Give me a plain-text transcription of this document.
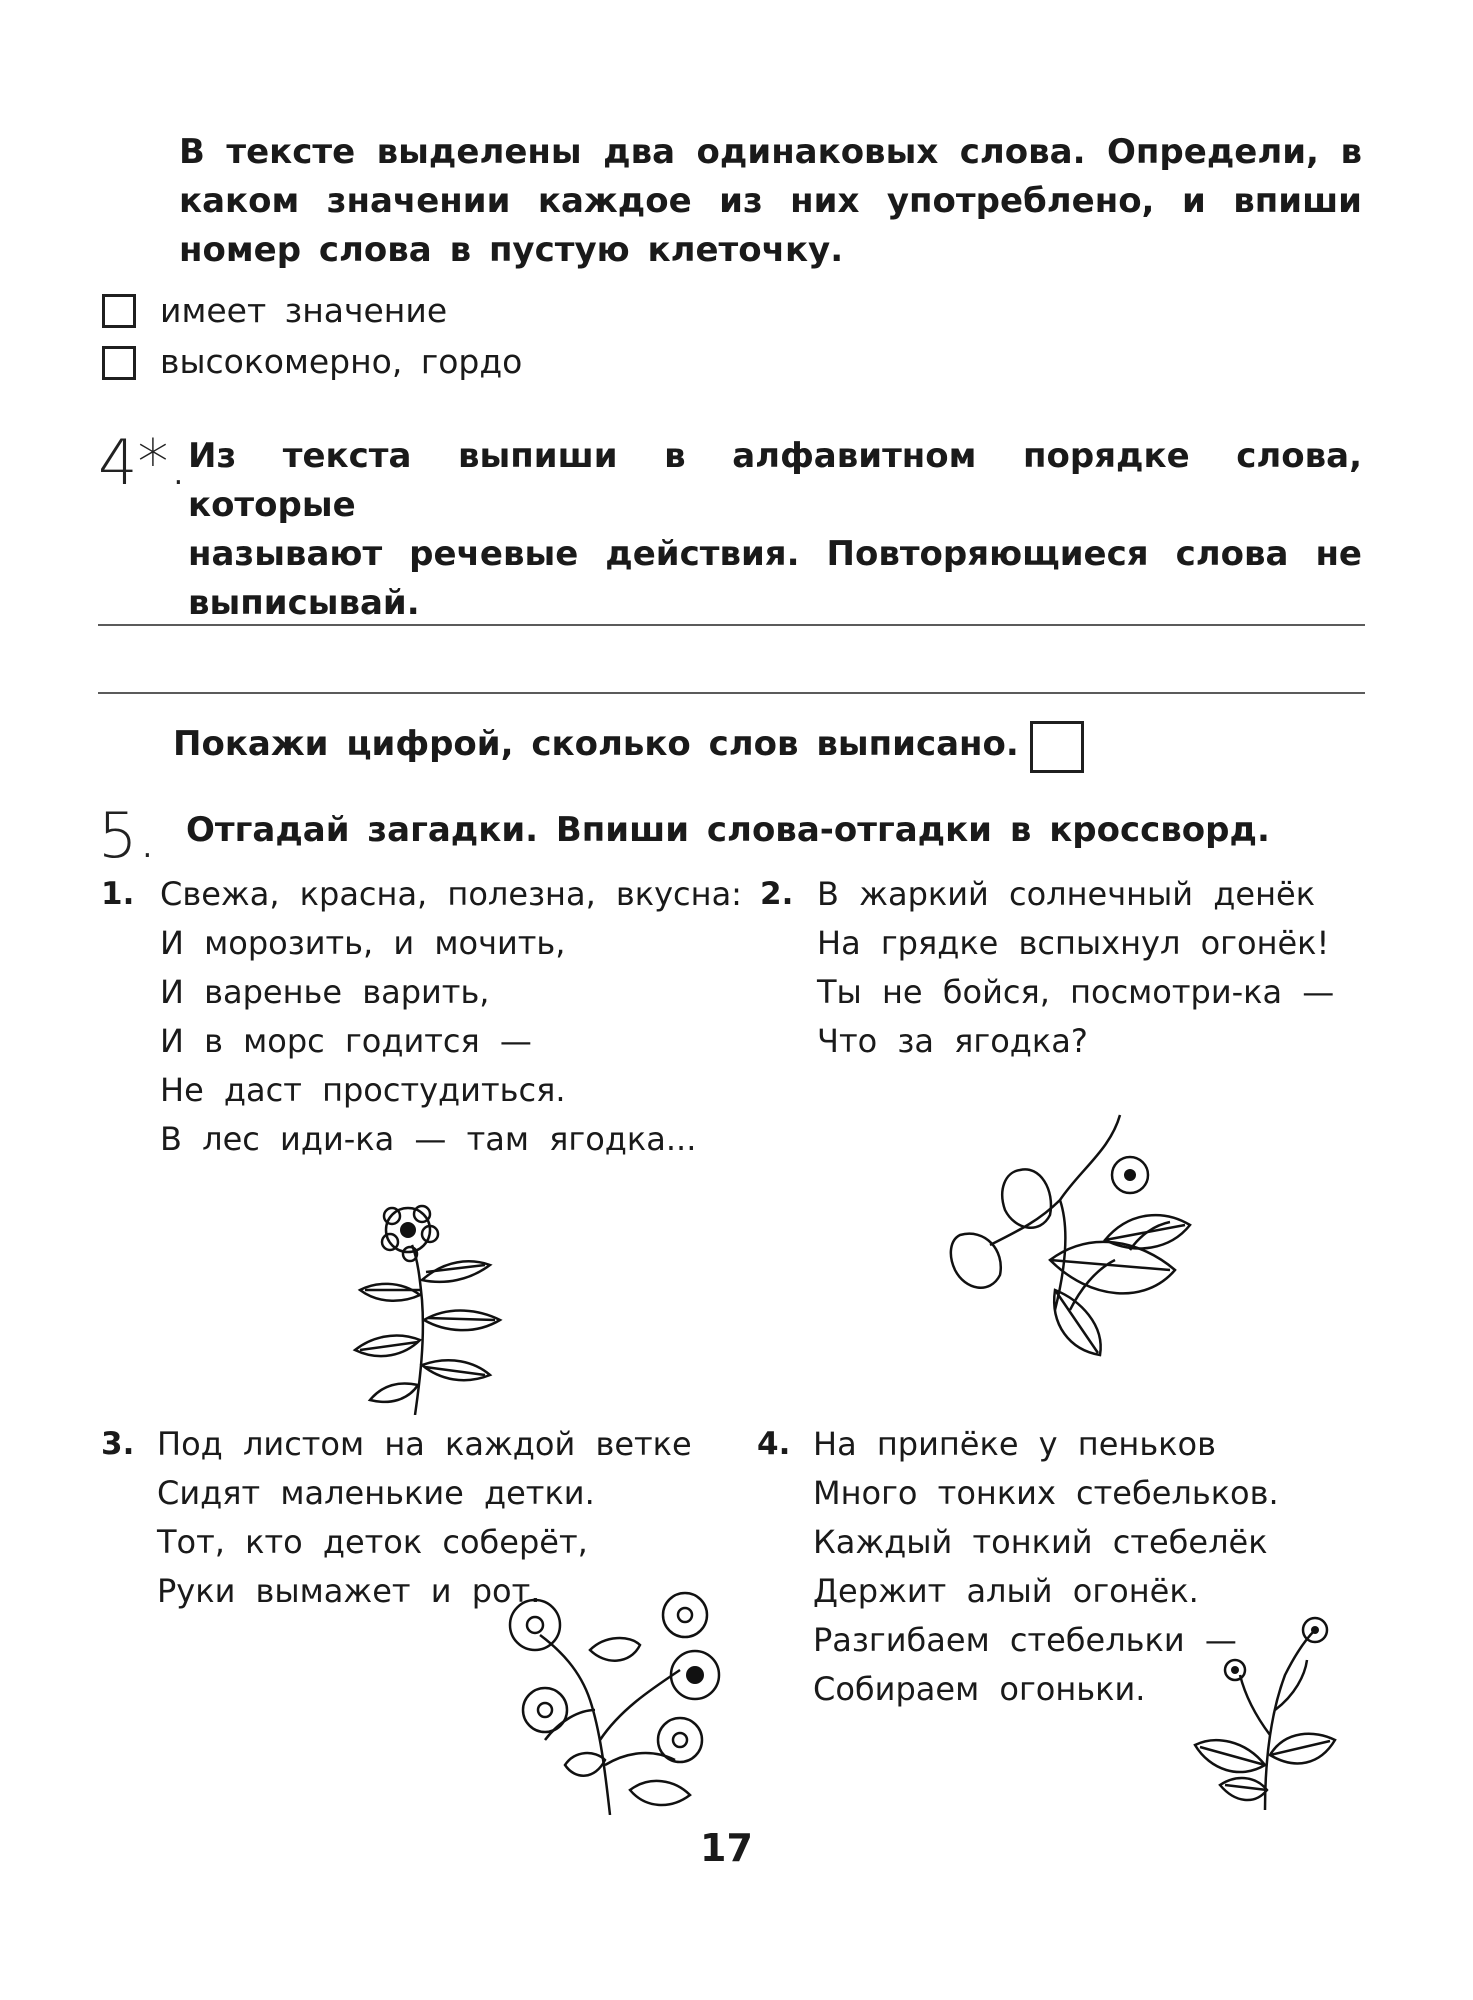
В тексте выделены два одинаковых слова. Определи, в
каком значении каждое из них употреблено, и впиши
номер слова в пустую клеточку.
имеет значение
высокомерно, гордо
4*. Из текста выпиши в алфавитном порядке слова, которые
называют речевые действия. Повторяющиеся слова не
выписывай.
Покажи цифрой, сколько слов выписано.
5. Отгадай загадки. Впиши слова-отгадки в кроссворд.
1. Свежа, красна, полезна, вкусна:
И морозить, и мочить,
И варенье варить,
И в морс годится —
Не даст простудиться.
В лес иди-ка — там ягодка...
2. В жаркий солнечный денёк
На грядке вспыхнул огонёк!
Ты не бойся, посмотри-ка —
Что за ягодка?
3. Под листом на каждой ветке
Сидят маленькие детки.
Тот, кто деток соберёт,
Руки вымажет и рот.
4. На припёке у пеньков
Много тонких стебельков.
Каждый тонкий стебелёк
Держит алый огонёк.
Разгибаем стебельки —
Собираем огоньки.
17
